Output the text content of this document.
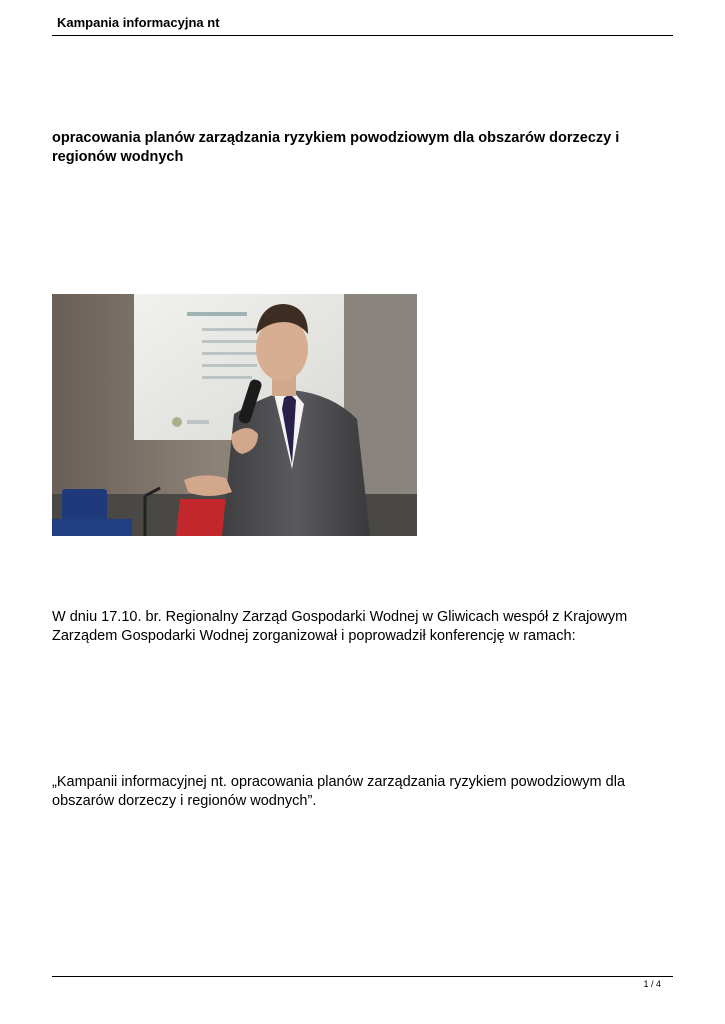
Kampania informacyjna nt
opracowania planów zarządzania ryzykiem powodziowym dla obszarów dorzeczy i regionów wodnych
W dniu 17.10. br. Regionalny Zarząd Gospodarki Wodnej w Gliwicach wespół z Krajowym Zarządem Gospodarki Wodnej zorganizował i poprowadził konferencję w ramach:
„Kampanii informacyjnej nt. opracowania planów zarządzania ryzykiem powodziowym dla obszarów dorzeczy i regionów wodnych”.
1 / 4
